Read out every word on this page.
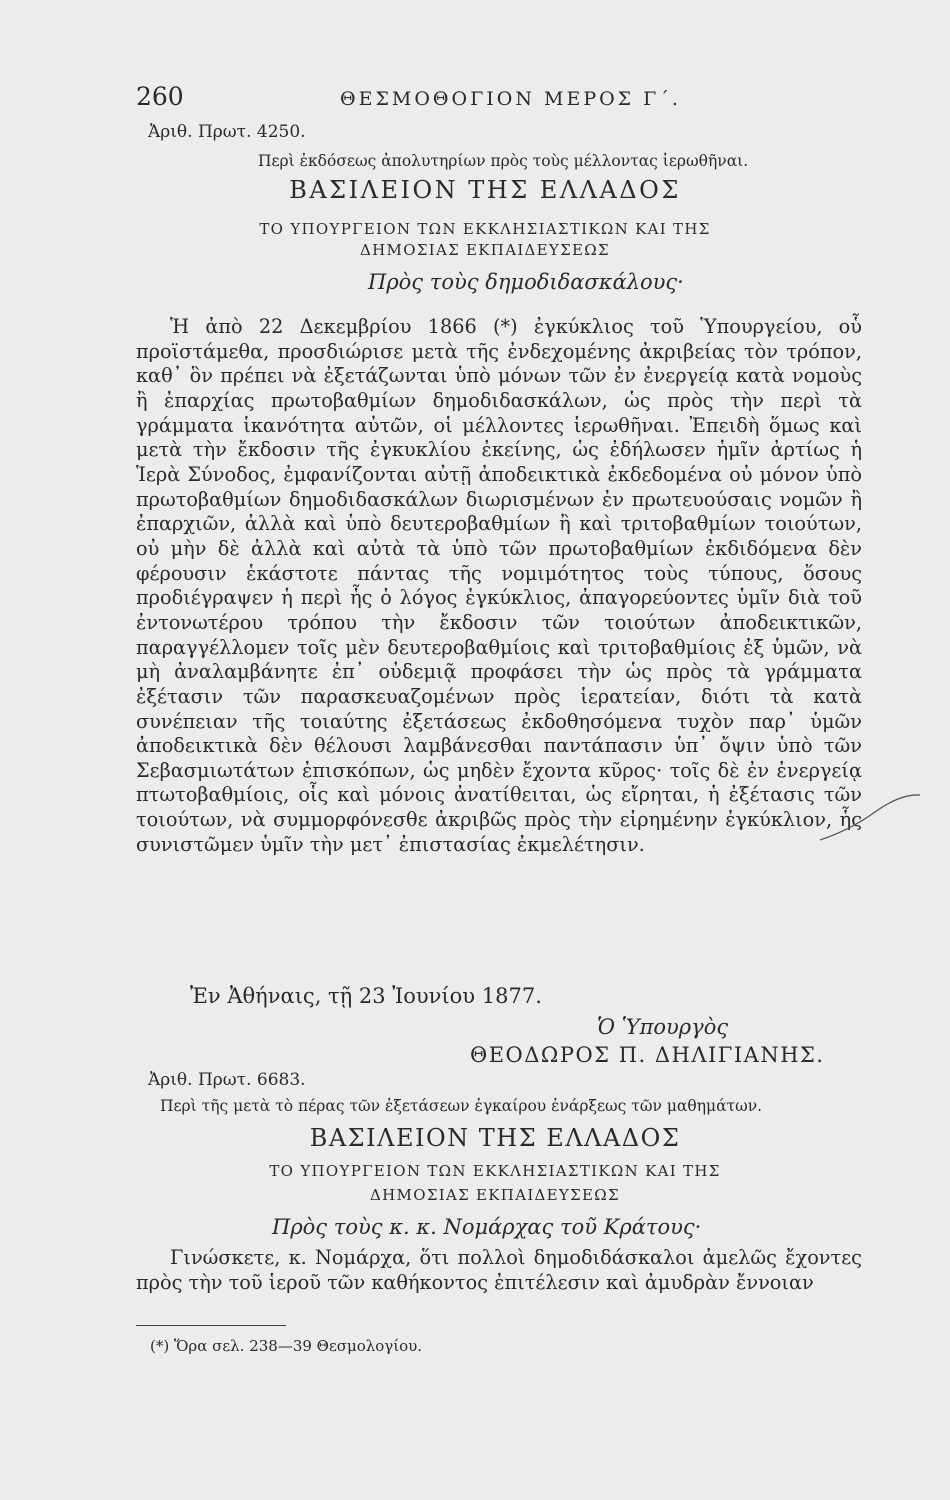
260	ΘΕΣΜΟΘΟΓΙΟΝ ΜΕΡΟΣ Γ΄.
Ἀριθ. Πρωτ. 4250.
Περὶ ἐκδόσεως ἀπολυτηρίων πρὸς τοὺς μέλλοντας ἱερωθῆναι.
ΒΑΣΙΛΕΙΟΝ ΤΗΣ ΕΛΛΑΔΟΣ
ΤΟ ΥΠΟΥΡΓΕΙΟΝ ΤΩΝ ΕΚΚΛΗΣΙΑΣΤΙΚΩΝ ΚΑΙ ΤΗΣ
ΔΗΜΟΣΙΑΣ ΕΚΠΑΙΔΕΥΣΕΩΣ
Πρὸς τοὺς δημοδιδασκάλους·
Ἡ ἀπὸ 22 Δεκεμβρίου 1866 (*) ἐγκύκλιος τοῦ Ὑπουργείου, οὗ προϊστάμεθα, προσδιώρισε μετὰ τῆς ἐνδεχομένης ἀκριβείας τὸν τρόπον, καθ᾽ ὃν πρέπει νὰ ἐξετάζωνται ὑπὸ μόνων τῶν ἐν ἐνεργείᾳ κατὰ νομοὺς ἢ ἐπαρχίας πρωτοβαθμίων δημοδιδασκάλων, ὡς πρὸς τὴν περὶ τὰ γράμματα ἱκανότητα αὐτῶν, οἱ μέλλοντες ἱερωθῆναι. Ἐπειδὴ ὅμως καὶ μετὰ τὴν ἔκδοσιν τῆς ἐγκυκλίου ἐκείνης, ὡς ἐδήλωσεν ἡμῖν ἀρτίως ἡ Ἱερὰ Σύνοδος, ἐμφανίζονται αὐτῇ ἀποδεικτικὰ ἐκδεδομένα οὐ μόνον ὑπὸ πρωτοβαθμίων δημοδιδασκάλων διωρισμένων ἐν πρωτευούσαις νομῶν ἢ ἐπαρχιῶν, ἀλλὰ καὶ ὑπὸ δευτεροβαθμίων ἢ καὶ τριτοβαθμίων τοιούτων, οὐ μὴν δὲ ἀλλὰ καὶ αὐτὰ τὰ ὑπὸ τῶν πρωτοβαθμίων ἐκδιδόμενα δὲν φέρουσιν ἑκάστοτε πάντας τῆς νομιμότητος τοὺς τύπους, ὅσους προδιέγραψεν ἡ περὶ ἧς ὁ λόγος ἐγκύκλιος, ἀπαγορεύοντες ὑμῖν διὰ τοῦ ἐντονωτέρου τρόπου τὴν ἔκδοσιν τῶν τοιούτων ἀποδεικτικῶν, παραγγέλλομεν τοῖς μὲν δευτεροβαθμίοις καὶ τριτοβαθμίοις ἐξ ὑμῶν, νὰ μὴ ἀναλαμβάνητε ἐπ᾽ οὐδεμιᾷ προφάσει τὴν ὡς πρὸς τὰ γράμματα ἐξέτασιν τῶν παρασκευαζομένων πρὸς ἱερατείαν, διότι τὰ κατὰ συνέπειαν τῆς τοιαύτης ἐξετάσεως ἐκδοθησόμενα τυχὸν παρ᾽ ὑμῶν ἀποδεικτικὰ δὲν θέλουσι λαμβάνεσθαι παντάπασιν ὑπ᾽ ὄψιν ὑπὸ τῶν Σεβασμιωτάτων ἐπισκόπων, ὡς μηδὲν ἔχοντα κῦρος· τοῖς δὲ ἐν ἐνεργείᾳ πτωτοβαθμίοις, οἷς καὶ μόνοις ἀνατίθειται, ὡς εἴρηται, ἡ ἐξέτασις τῶν τοιούτων, νὰ συμμορφόνεσθε ἀκριβῶς πρὸς τὴν εἰρημένην ἐγκύκλιον, ἧς συνιστῶμεν ὑμῖν τὴν μετ᾽ ἐπιστασίας ἐκμελέτησιν.
Ἐν Ἀθήναις, τῇ 23 Ἰουνίου 1877.
Ὁ Ὑπουργὸς
ΘΕΟΔΩΡΟΣ Π. ΔΗΛΙΓΙΑΝΗΣ.
Ἀριθ. Πρωτ. 6683.
Περὶ τῆς μετὰ τὸ πέρας τῶν ἐξετάσεων ἐγκαίρου ἐνάρξεως τῶν μαθημάτων.
ΒΑΣΙΛΕΙΟΝ ΤΗΣ ΕΛΛΑΔΟΣ
ΤΟ ΥΠΟΥΡΓΕΙΟΝ ΤΩΝ ΕΚΚΛΗΣΙΑΣΤΙΚΩΝ ΚΑΙ ΤΗΣ
ΔΗΜΟΣΙΑΣ ΕΚΠΑΙΔΕΥΣΕΩΣ
Πρὸς τοὺς κ. κ. Νομάρχας τοῦ Κράτους·
Γινώσκετε, κ. Νομάρχα, ὅτι πολλοὶ δημοδιδάσκαλοι ἀμελῶς ἔχοντες πρὸς τὴν τοῦ ἱεροῦ τῶν καθήκοντος ἐπιτέλεσιν καὶ ἀμυδρὰν ἔννοιαν
(*) Ὅρα σελ. 238—39 Θεσμολογίου.
